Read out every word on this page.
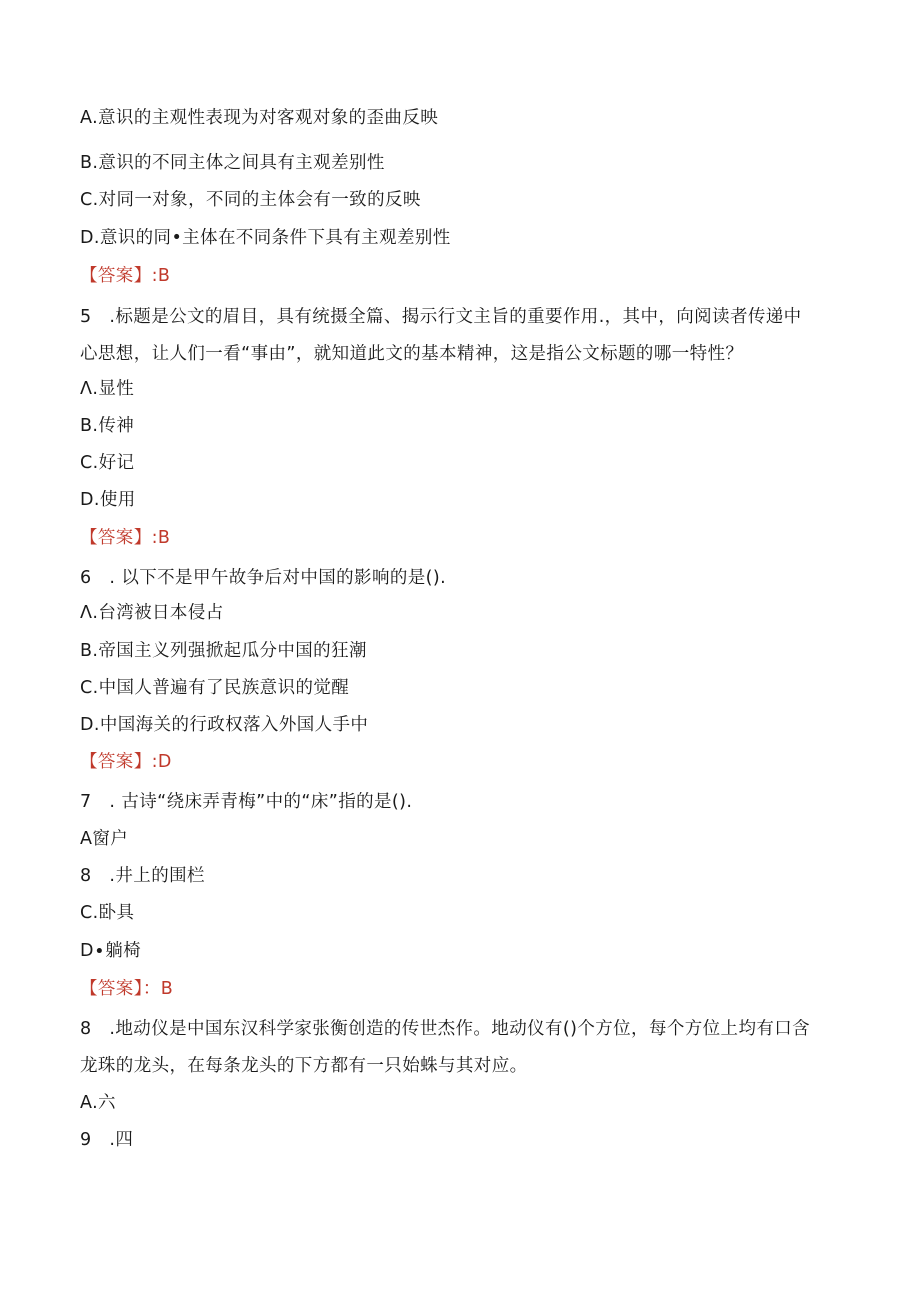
A.意识的主观性表现为对客观对象的歪曲反映
B.意识的不同主体之间具有主观差别性
C.对同一对象，不同的主体会有一致的反映
D.意识的同•主体在不同条件下具有主观差别性
【答案】:B
5　.标题是公文的眉目，具有统摄全篇、揭示行文主旨的重要作用.，其中，向阅读者传递中
心思想，让人们一看“事由”，就知道此文的基本精神，这是指公文标题的哪一特性？
Λ.显性
B.传神
C.好记
D.使用
【答案】:B
6　. 以下不是甲午故争后对中国的影响的是().
Λ.台湾被日本侵占
B.帝国主义列强掀起瓜分中国的狂潮
C.中国人普遍有了民族意识的觉醒
D.中国海关的行政权落入外国人手中
【答案】:D
7　. 古诗“绕床弄青梅”中的“床”指的是().
A窗户
8　.井上的围栏
C.卧具
D∙躺椅
【答案】：B
8　.地动仪是中国东汉科学家张衡创造的传世杰作。地动仪有()个方位，每个方位上均有口含
龙珠的龙头，在每条龙头的下方都有一只始蛛与其对应。
A.六
9　.四
